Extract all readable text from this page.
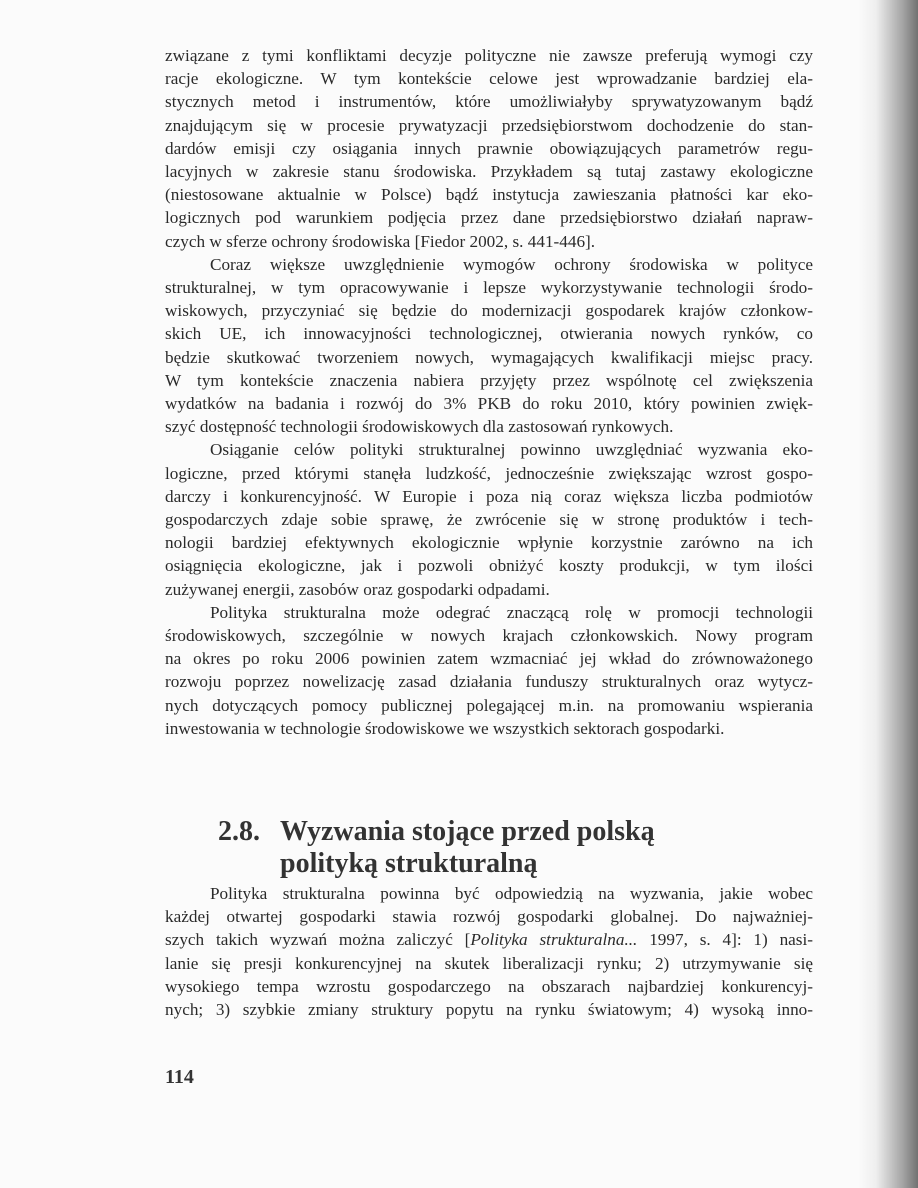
związane z tymi konfliktami decyzje polityczne nie zawsze preferują wymogi czy
racje ekologiczne. W tym kontekście celowe jest wprowadzanie bardziej ela-
stycznych metod i instrumentów, które umożliwiałyby sprywatyzowanym bądź
znajdującym się w procesie prywatyzacji przedsiębiorstwom dochodzenie do stan-
dardów emisji czy osiągania innych prawnie obowiązujących parametrów regu-
lacyjnych w zakresie stanu środowiska. Przykładem są tutaj zastawy ekologiczne
(niestosowane aktualnie w Polsce) bądź instytucja zawieszania płatności kar eko-
logicznych pod warunkiem podjęcia przez dane przedsiębiorstwo działań napraw-
czych w sferze ochrony środowiska [Fiedor 2002, s. 441-446].
Coraz większe uwzględnienie wymogów ochrony środowiska w polityce
strukturalnej, w tym opracowywanie i lepsze wykorzystywanie technologii środo-
wiskowych, przyczyniać się będzie do modernizacji gospodarek krajów członkow-
skich UE, ich innowacyjności technologicznej, otwierania nowych rynków, co
będzie skutkować tworzeniem nowych, wymagających kwalifikacji miejsc pracy.
W tym kontekście znaczenia nabiera przyjęty przez wspólnotę cel zwiększenia
wydatków na badania i rozwój do 3% PKB do roku 2010, który powinien zwięk-
szyć dostępność technologii środowiskowych dla zastosowań rynkowych.
Osiąganie celów polityki strukturalnej powinno uwzględniać wyzwania eko-
logiczne, przed którymi stanęła ludzkość, jednocześnie zwiększając wzrost gospo-
darczy i konkurencyjność. W Europie i poza nią coraz większa liczba podmiotów
gospodarczych zdaje sobie sprawę, że zwrócenie się w stronę produktów i tech-
nologii bardziej efektywnych ekologicznie wpłynie korzystnie zarówno na ich
osiągnięcia ekologiczne, jak i pozwoli obniżyć koszty produkcji, w tym ilości
zużywanej energii, zasobów oraz gospodarki odpadami.
Polityka strukturalna może odegrać znaczącą rolę w promocji technologii
środowiskowych, szczególnie w nowych krajach członkowskich. Nowy program
na okres po roku 2006 powinien zatem wzmacniać jej wkład do zrównoważonego
rozwoju poprzez nowelizację zasad działania funduszy strukturalnych oraz wytycz-
nych dotyczących pomocy publicznej polegającej m.in. na promowaniu wspierania
inwestowania w technologie środowiskowe we wszystkich sektorach gospodarki.
2.8. Wyzwania stojące przed polską
polityką strukturalną
Polityka strukturalna powinna być odpowiedzią na wyzwania, jakie wobec
każdej otwartej gospodarki stawia rozwój gospodarki globalnej. Do najważniej-
szych takich wyzwań można zaliczyć [Polityka strukturalna... 1997, s. 4]: 1) nasi-
lanie się presji konkurencyjnej na skutek liberalizacji rynku; 2) utrzymywanie się
wysokiego tempa wzrostu gospodarczego na obszarach najbardziej konkurencyj-
nych; 3) szybkie zmiany struktury popytu na rynku światowym; 4) wysoką inno-
114
